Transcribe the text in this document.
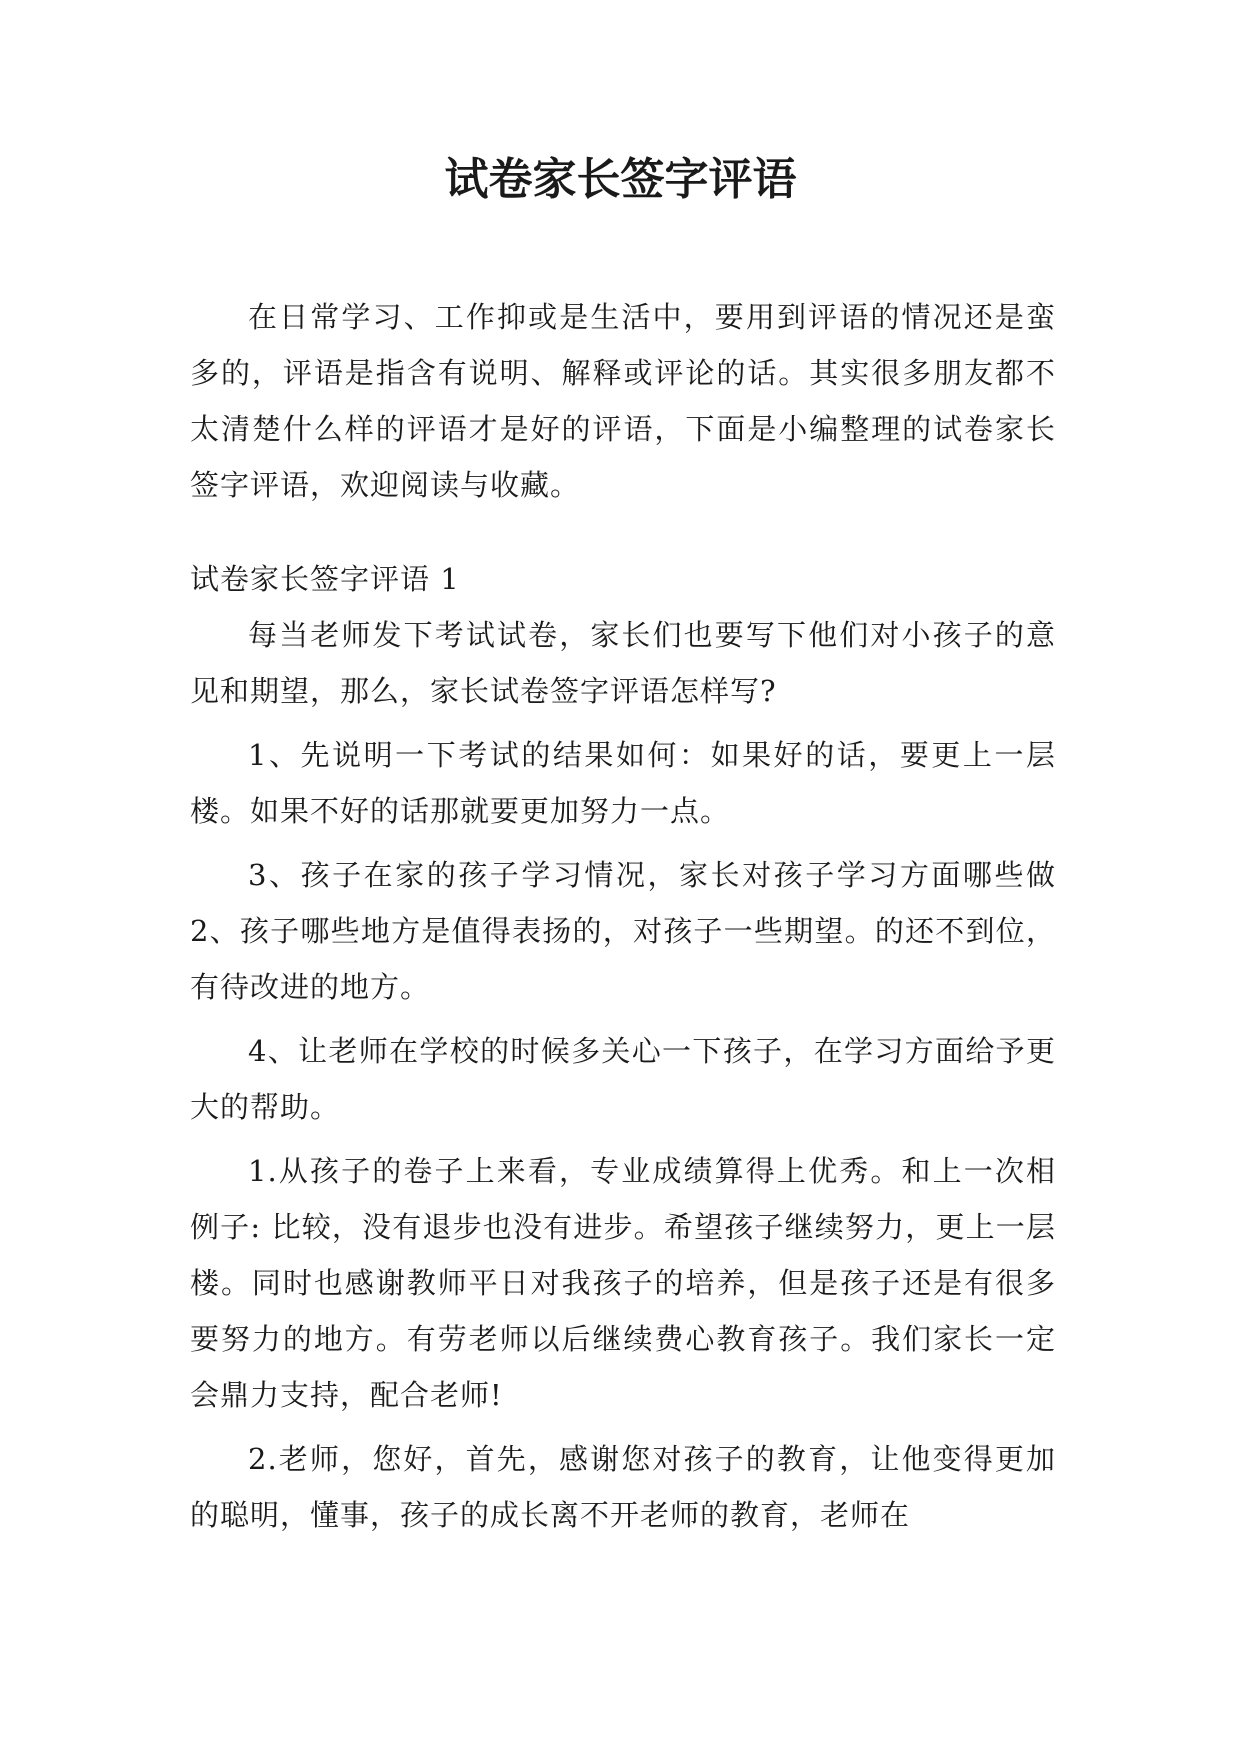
试卷家长签字评语

在日常学习、工作抑或是生活中，要用到评语的情况还是蛮多的，评语是指含有说明、解释或评论的话。其实很多朋友都不太清楚什么样的评语才是好的评语，下面是小编整理的试卷家长签字评语，欢迎阅读与收藏。

试卷家长签字评语 1

每当老师发下考试试卷，家长们也要写下他们对小孩子的意见和期望，那么，家长试卷签字评语怎样写?

1、先说明一下考试的结果如何：如果好的话，要更上一层楼。如果不好的话那就要更加努力一点。

3、孩子在家的孩子学习情况，家长对孩子学习方面哪些做 2、孩子哪些地方是值得表扬的，对孩子一些期望。的还不到位，有待改进的地方。

4、让老师在学校的时候多关心一下孩子，在学习方面给予更大的帮助。

1.从孩子的卷子上来看，专业成绩算得上优秀。和上一次相例子: 比较，没有退步也没有进步。希望孩子继续努力，更上一层楼。同时也感谢教师平日对我孩子的培养，但是孩子还是有很多要努力的地方。有劳老师以后继续费心教育孩子。我们家长一定会鼎力支持，配合老师!

2.老师，您好，首先，感谢您对孩子的教育，让他变得更加的聪明，懂事，孩子的成长离不开老师的教育，老师在
